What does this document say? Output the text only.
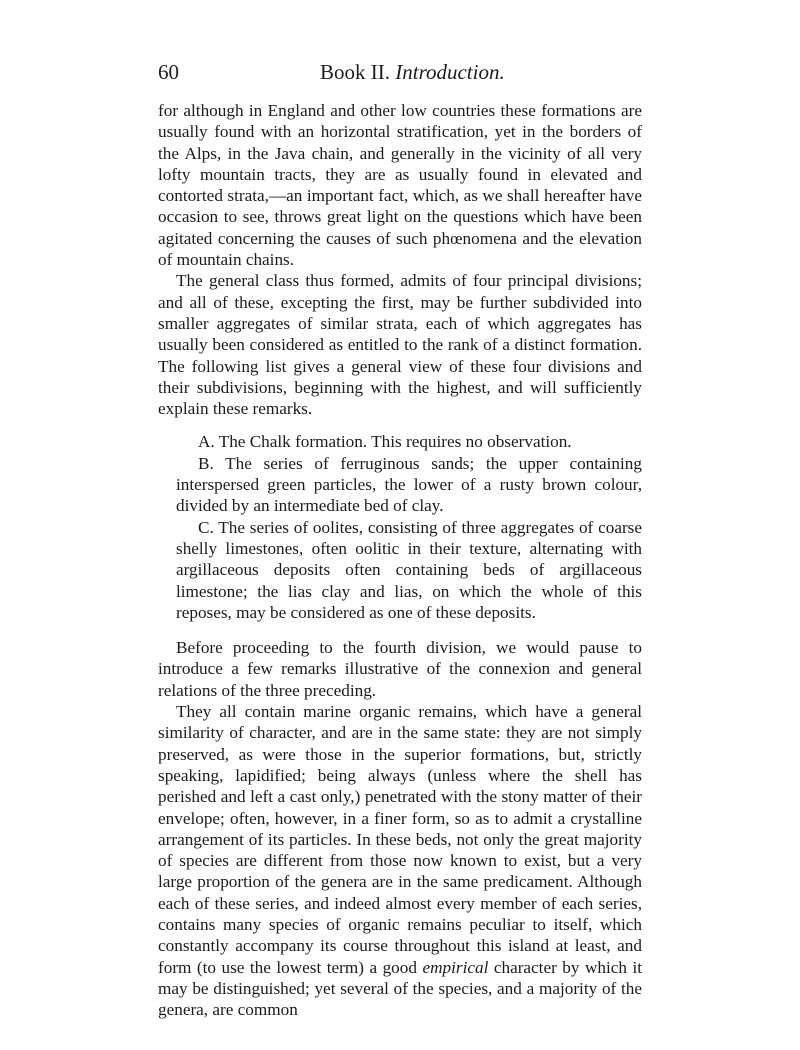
60	Book II. Introduction.

for although in England and other low countries these formations are usually found with an horizontal stratification, yet in the borders of the Alps, in the Java chain, and generally in the vicinity of all very lofty mountain tracts, they are as usually found in elevated and contorted strata,—an important fact, which, as we shall hereafter have occasion to see, throws great light on the questions which have been agitated concerning the causes of such phœnomena and the elevation of mountain chains.

The general class thus formed, admits of four principal divisions; and all of these, excepting the first, may be further subdivided into smaller aggregates of similar strata, each of which aggregates has usually been considered as entitled to the rank of a distinct formation. The following list gives a general view of these four divisions and their subdivisions, beginning with the highest, and will sufficiently explain these remarks.

A. The Chalk formation. This requires no observation.

B. The series of ferruginous sands; the upper containing interspersed green particles, the lower of a rusty brown colour, divided by an intermediate bed of clay.

C. The series of oolites, consisting of three aggregates of coarse shelly limestones, often oolitic in their texture, alternating with argillaceous deposits often containing beds of argillaceous limestone; the lias clay and lias, on which the whole of this reposes, may be considered as one of these deposits.

Before proceeding to the fourth division, we would pause to introduce a few remarks illustrative of the connexion and general relations of the three preceding.

They all contain marine organic remains, which have a general similarity of character, and are in the same state: they are not simply preserved, as were those in the superior formations, but, strictly speaking, lapidified; being always (unless where the shell has perished and left a cast only,) penetrated with the stony matter of their envelope; often, however, in a finer form, so as to admit a crystalline arrangement of its particles. In these beds, not only the great majority of species are different from those now known to exist, but a very large proportion of the genera are in the same predicament. Although each of these series, and indeed almost every member of each series, contains many species of organic remains peculiar to itself, which constantly accompany its course throughout this island at least, and form (to use the lowest term) a good empirical character by which it may be distinguished; yet several of the species, and a majority of the genera, are common
